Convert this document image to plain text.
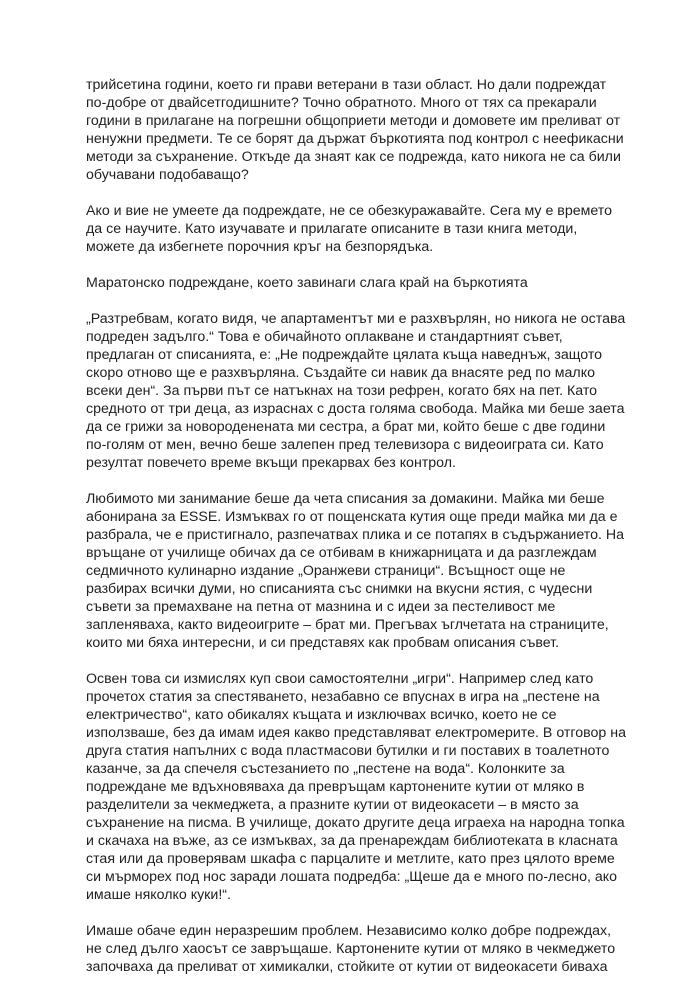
трийсетина години, което ги прави ветерани в тази област. Но дали подреждат по-добре от двайсетгодишните? Точно обратното. Много от тях са прекарали години в прилагане на погрешни общоприети методи и домовете им преливат от ненужни предмети. Те се борят да държат бъркотията под контрол с неефикасни методи за съхранение. Откъде да знаят как се подрежда, като никога не са били обучавани подобаващо?

Ако и вие не умеете да подреждате, не се обезкуражавайте. Сега му е времето да се научите. Като изучавате и прилагате описаните в тази книга методи, можете да избегнете порочния кръг на безпорядъка.

Маратонско подреждане, което завинаги слага край на бъркотията

„Разтребвам, когато видя, че апартаментът ми е разхвърлян, но никога не остава подреден задълго.“ Това е обичайното оплакване и стандартният съвет, предлаган от списанията, е: „Не подреждайте цялата къща наведнъж, защото скоро отново ще е разхвърляна. Създайте си навик да внасяте ред по малко всеки ден“. За първи път се натъкнах на този рефрен, когато бях на пет. Като средното от три деца, аз израснах с доста голяма свобода. Майка ми беше заета да се грижи за новороденената ми сестра, а брат ми, който беше с две години по-голям от мен, вечно беше залепен пред телевизора с видеоиграта си. Като резултат повечето време вкъщи прекарвах без контрол.

Любимото ми занимание беше да чета списания за домакини. Майка ми беше абонирана за ESSE. Измъквах го от пощенската кутия още преди майка ми да е разбрала, че е пристигнало, разпечатвах плика и се потапях в съдържанието. На връщане от училище обичах да се отбивам в книжарницата и да разглеждам седмичното кулинарно издание „Оранжеви страници“. Всъщност още не разбирах всички думи, но списанията със снимки на вкусни ястия, с чудесни съвети за премахване на петна от мазнина и с идеи за пестеливост ме запленяваха, както видеоигрите – брат ми. Прегъвах ъглчетата на страниците, които ми бяха интересни, и си представях как пробвам описания съвет.

Освен това си измислях куп свои самостоятелни „игри“. Например след като прочетох статия за спестяването, незабавно се впуснах в игра на „пестене на електричество“, като обикалях къщата и изключвах всичко, което не се използваше, без да имам идея какво представляват електромерите. В отговор на друга статия напълних с вода пластмасови бутилки и ги поставих в тоалетното казанче, за да спечеля състезанието по „пестене на вода“. Колонките за подреждане ме вдъхновяваха да превръщам картонените кутии от мляко в разделители за чекмеджета, а празните кутии от видеокасети – в място за съхранение на писма. В училище, докато другите деца играеха на народна топка и скачаха на въже, аз се измъквах, за да пренареждам библиотеката в класната стая или да проверявам шкафа с парцалите и метлите, като през цялото време си мърморех под нос заради лошата подредба: „Щеше да е много по-лесно, ако имаше няколко куки!“.

Имаше обаче един неразрешим проблем. Независимо колко добре подреждах, не след дълго хаосът се завръщаше. Картонените кутии от мляко в чекмеджето започваха да преливат от химикалки, стойките от кутии от видеокасети биваха
